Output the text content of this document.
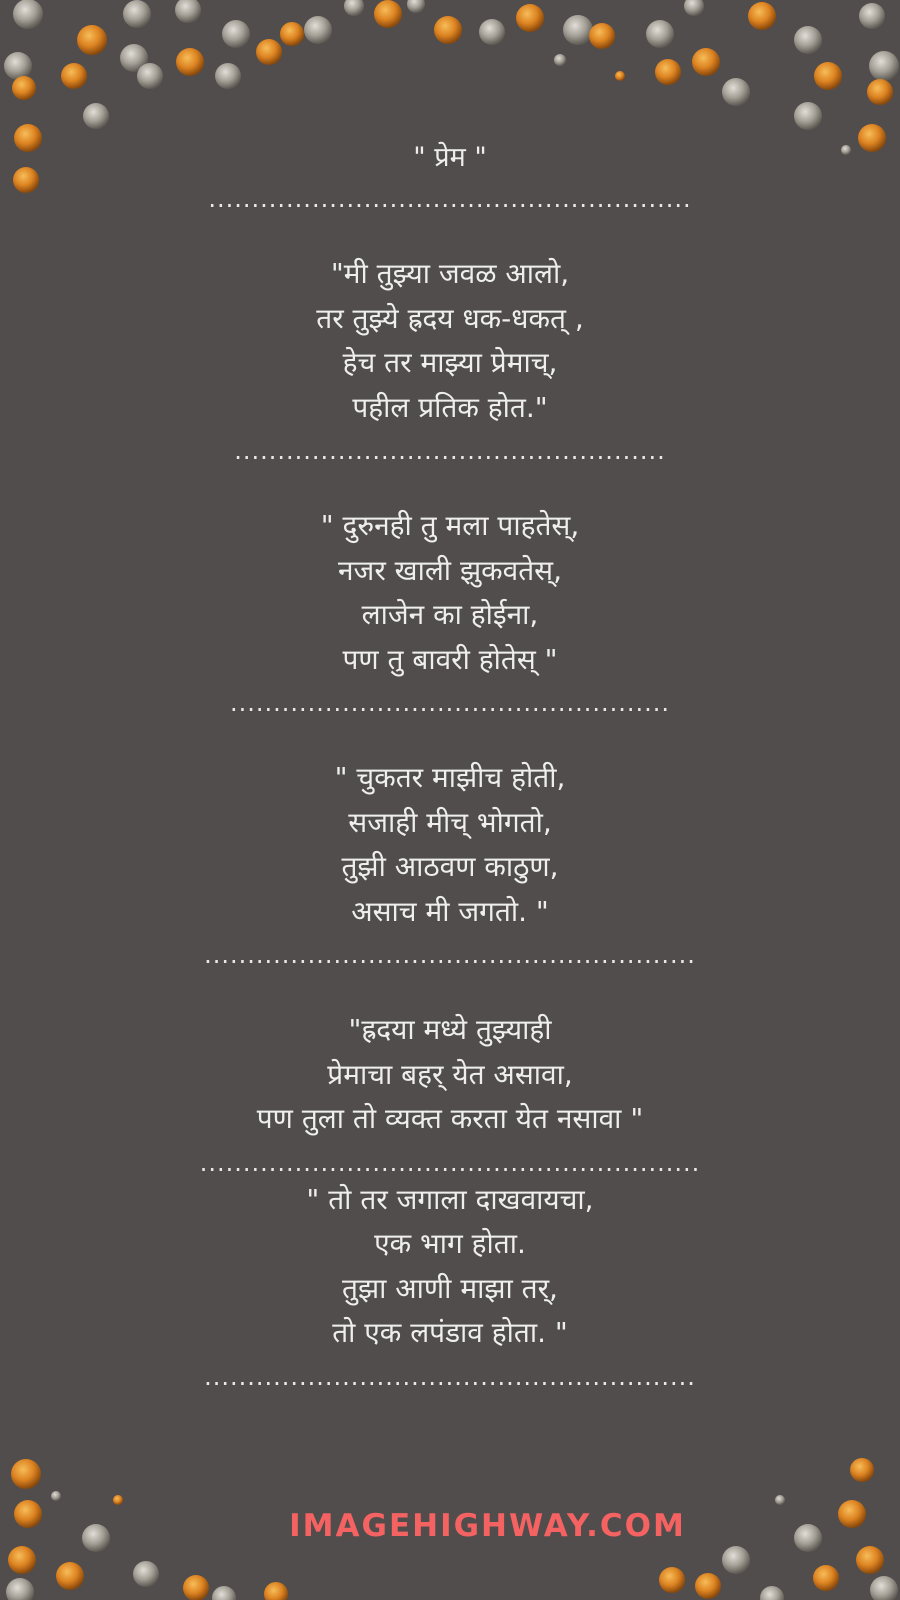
" प्रेम "
........................................................
"मी तुझ्या जवळ आलो,
तर तुझ्ये ह्रदय धक-धकत् ,
हेच तर माझ्या प्रेमाच्,
पहील प्रतिक होत."
..................................................
" दुरुनही तु मला पाहतेस्,
नजर खाली झुकवतेस्,
लाजेन का होईना,
पण तु बावरी होतेस् "
...................................................
" चुकतर माझीच होती,
सजाही मीच् भोगतो,
तुझी आठवण काठुण,
असाच मी जगतो. "
.........................................................
"ह्रदया मध्ये तुझ्याही
प्रेमाचा बहर् येत असावा,
पण तुला तो व्यक्त करता येत नसावा "
..........................................................
" तो तर जगाला दाखवायचा,
एक भाग होता.
तुझा आणी माझा तर्,
तो एक लपंडाव होता. "
.........................................................
IMAGEHIGHWAY.COM
